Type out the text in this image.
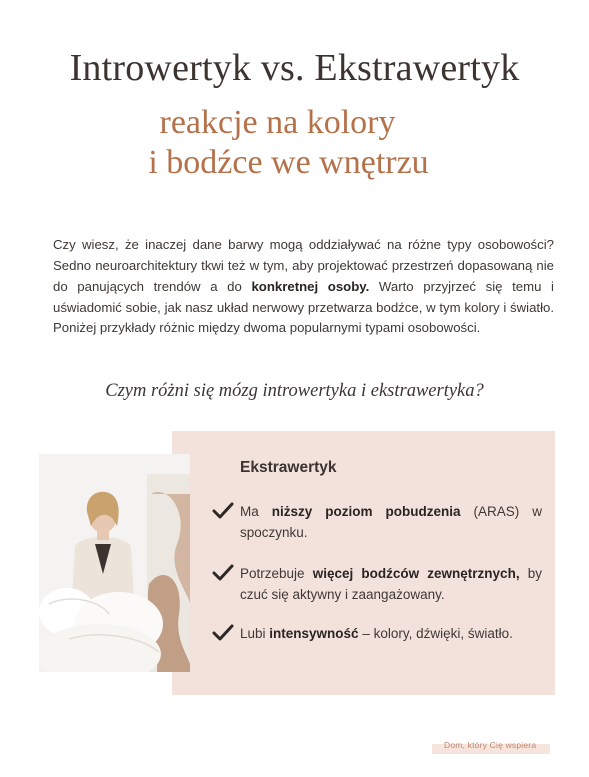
Introwertyk vs. Ekstrawertyk
reakcje na kolory
i bodźce we wnętrzu

Czy wiesz, że inaczej dane barwy mogą oddziaływać na różne typy osobowości? Sedno neuroarchitektury tkwi też w tym, aby projektować przestrzeń dopasowaną nie do panujących trendów a do konkretnej osoby. Warto przyjrzeć się temu i uświadomić sobie, jak nasz układ nerwowy przetwarza bodźce, w tym kolory i światło. Poniżej przykłady różnic między dwoma popularnymi typami osobowości.

Czym różni się mózg introwertyka i ekstrawertyka?
Ekstrawertyk
Ma niższy poziom pobudzenia (ARAS) w spoczynku.
Potrzebuje więcej bodźców zewnętrznych, by czuć się aktywny i zaangażowany.
Lubi intensywność – kolory, dźwięki, światło.
Dom, który Cię wspiera
